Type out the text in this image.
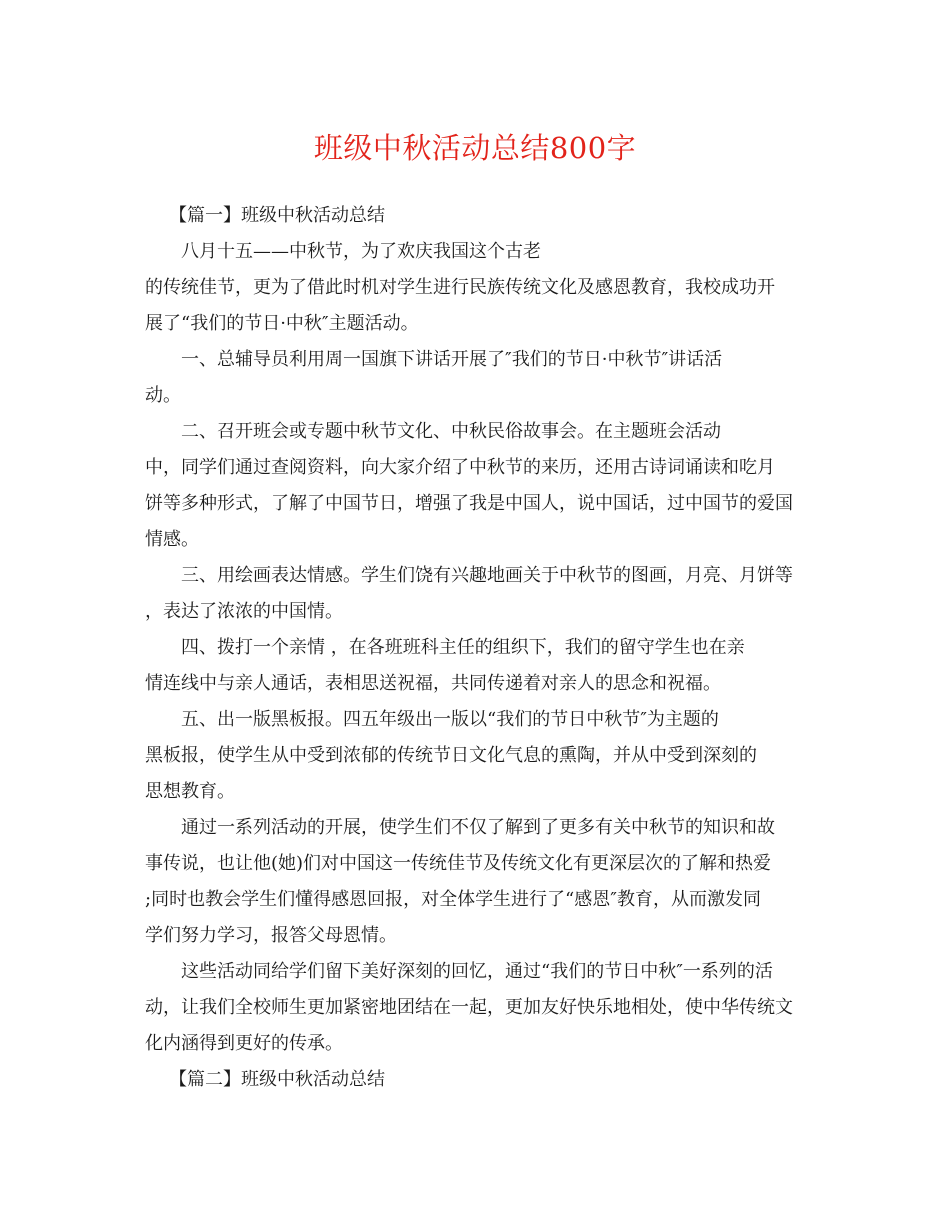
班级中秋活动总结800字

【篇一】班级中秋活动总结

八月十五——中秋节，为了欢庆我国这个古老
的传统佳节，更为了借此时机对学生进行民族传统文化及感恩教育，我校成功开
展了“我们的节日·中秋″主题活动。

一、总辅导员利用周一国旗下讲话开展了″我们的节日·中秋节″讲话活
动。

二、召开班会或专题中秋节文化、中秋民俗故事会。在主题班会活动
中，同学们通过查阅资料，向大家介绍了中秋节的来历，还用古诗词诵读和吃月
饼等多种形式，了解了中国节日，增强了我是中国人，说中国话，过中国节的爱国
情感。

三、用绘画表达情感。学生们饶有兴趣地画关于中秋节的图画，月亮、月饼等
，表达了浓浓的中国情。

四、拨打一个亲情 ，在各班班科主任的组织下，我们的留守学生也在亲
情连线中与亲人通话，表相思送祝福，共同传递着对亲人的思念和祝福。

五、出一版黑板报。四五年级出一版以“我们的节日中秋节″为主题的
黑板报，使学生从中受到浓郁的传统节日文化气息的熏陶，并从中受到深刻的
思想教育。

通过一系列活动的开展，使学生们不仅了解到了更多有关中秋节的知识和故
事传说，也让他(她)们对中国这一传统佳节及传统文化有更深层次的了解和热爱
;同时也教会学生们懂得感恩回报，对全体学生进行了“感恩″教育，从而激发同
学们努力学习，报答父母恩情。

这些活动同给学们留下美好深刻的回忆，通过“我们的节日中秋″一系列的活
动，让我们全校师生更加紧密地团结在一起，更加友好快乐地相处，使中华传统文
化内涵得到更好的传承。

【篇二】班级中秋活动总结
